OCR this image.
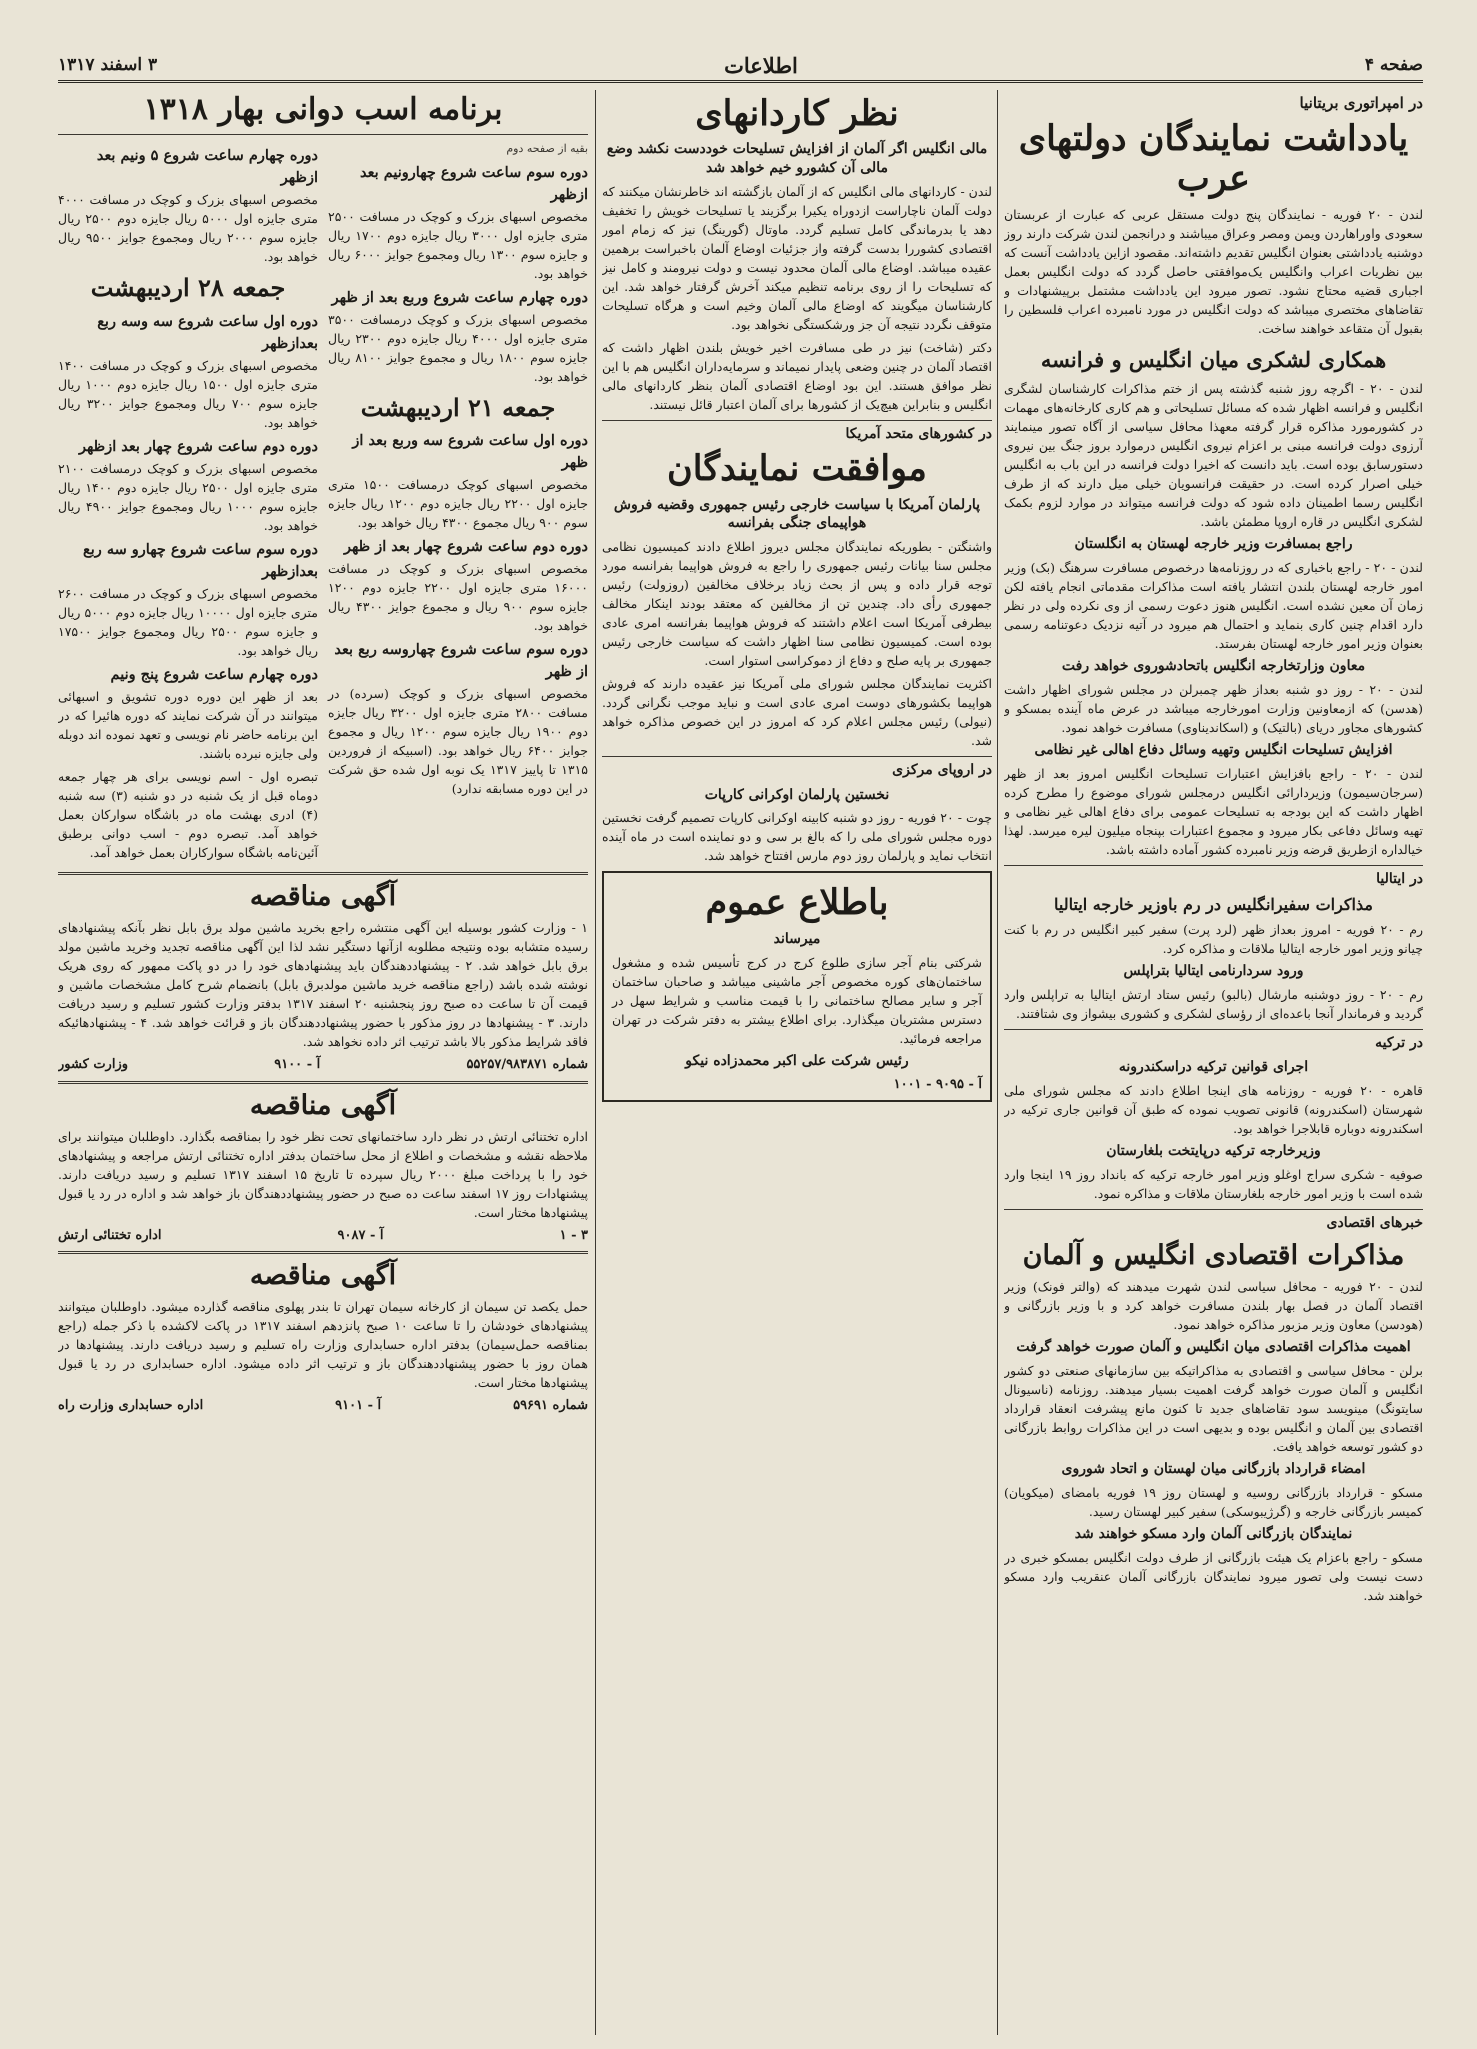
صفحه ۴
اطلاعات
۳ اسفند ۱۳۱۷
در امپراتوری بریتانیا
یادداشت نمایندگان دولتهای عرب

لندن - ۲۰ فوریه - نمایندگان پنج دولت مستقل عربی که عبارت از عربستان سعودی واوراهاردن ویمن ومصر وعراق میباشند و درانجمن لندن شرکت دارند روز دوشنبه یادداشتی بعنوان انگلیس تقدیم داشته‌اند. مقصود ازاین یادداشت آنست که بین نظریات اعراب وانگلیس یک‌موافقتی حاصل گردد که دولت انگلیس بعمل اجباری قضیه محتاج نشود. تصور میرود این یادداشت مشتمل برپیشنهادات و تقاضاهای مختصری میباشد که دولت انگلیس در مورد نامبرده اعراب فلسطین را بقبول آن متقاعد خواهند ساخت.

همکاری لشکری میان انگلیس و فرانسه

لندن - ۲۰ - اگرچه روز شنبه گذشته پس از ختم مذاکرات کارشناسان لشگری انگلیس و فرانسه اظهار شده که مسائل تسلیحاتی و هم کاری کارخانه‌های مهمات در کشورمورد مذاکره قرار گرفته معهذا محافل سیاسی از آگاه تصور مینمایند آرزوی دولت فرانسه مبنی بر اعزام نیروی انگلیس درموارد بروز جنگ بین نیروی دستورسابق بوده است. باید دانست که اخیرا دولت فرانسه در این باب به انگلیس خیلی اصرار کرده است. در حقیقت فرانسویان خیلی میل دارند که از طرف انگلیس رسما اطمینان داده شود که دولت فرانسه میتواند در موارد لزوم بکمک لشکری انگلیس در قاره اروپا مطمئن باشد.

راجع بمسافرت وزیر خارجه لهستان به انگلستان

لندن - ۲۰ - راجع باخباری که در روزنامه‌ها درخصوص مسافرت سرهنگ (بک) وزیر امور خارجه لهستان بلندن انتشار یافته است مذاکرات مقدماتی انجام یافته لکن زمان آن معین نشده است. انگلیس هنوز دعوت رسمی از وی نکرده ولی در نظر دارد اقدام چنین کاری بنماید و احتمال هم میرود در آتیه نزدیک دعوتنامه رسمی بعنوان وزیر امور خارجه لهستان بفرستد.

معاون وزارتخارجه انگلیس باتحادشوروی خواهد رفت

لندن - ۲۰ - روز دو شنبه بعداز ظهر چمبرلن در مجلس شورای اظهار داشت (هدسن) که ازمعاونین وزارت امورخارجه میباشد در عرض ماه آینده بمسکو و کشورهای مجاور دریای (بالتیک) و (اسکاندیناوی) مسافرت خواهد نمود.

افزایش تسلیحات انگلیس وتهیه وسائل دفاع اهالی غیر نظامی

لندن - ۲۰ - راجع بافزایش اعتبارات تسلیحات انگلیس امروز بعد از ظهر (سرجان‌سیمون) وزیردارائی انگلیس درمجلس شورای موضوع را مطرح کرده اظهار داشت که این بودجه به تسلیحات عمومی برای دفاع اهالی غیر نظامی و تهیه وسائل دفاعی بکار میرود و مجموع اعتبارات بپنجاه میلیون لیره میرسد. لهذا خیالداره ازطریق قرضه وزیر نامبرده کشور آماده داشته باشد.

در ایتالیا
مذاکرات سفیرانگلیس در رم باوزیر خارجه ایتالیا

رم - ۲۰ فوریه - امروز بعداز ظهر (لرد پرت) سفیر کبیر انگلیس در رم با کنت چیانو وزیر امور خارجه ایتالیا ملاقات و مذاکره کرد.

ورود سردارنامی ایتالیا بتراپلس

رم - ۲۰ - روز دوشنبه مارشال (بالبو) رئیس ستاد ارتش ایتالیا به تراپلس وارد گردید و فرماندار آنجا باعده‌ای از رؤسای لشکری و کشوری بیشواز وی شتافتند.

در ترکیه
اجرای قوانین ترکیه دراسکندرونه

قاهره - ۲۰ فوریه - روزنامه های اینجا اطلاع دادند که مجلس شورای ملی شهرستان (اسکندرونه) قانونی تصویب نموده که طبق آن قوانین جاری ترکیه در اسکندرونه دوباره قابلاجرا خواهد بود.

وزیرخارجه ترکیه درپایتخت بلغارستان

صوفیه - شکری سراج اوغلو وزیر امور خارجه ترکیه که بانداد روز ۱۹ اینجا وارد شده است با وزیر امور خارجه بلغارستان ملاقات و مذاکره نمود.

خبرهای اقتصادی
مذاکرات اقتصادی انگلیس و آلمان

لندن - ۲۰ فوریه - محافل سیاسی لندن شهرت میدهند که (والتر فونک) وزیر اقتصاد آلمان در فصل بهار بلندن مسافرت خواهد کرد و با وزیر بازرگانی و (هودسن) معاون وزیر مزبور مذاکره خواهد نمود.

اهمیت مذاکرات اقتصادی میان انگلیس و آلمان صورت خواهد گرفت

برلن - محافل سیاسی و اقتصادی به مذاکراتیکه بین سازمانهای صنعتی دو کشور انگلیس و آلمان صورت خواهد گرفت اهمیت بسیار میدهند. روزنامه (ناسیونال سایتونگ) مینویسد سود تقاضاهای جدید تا کنون مانع پیشرفت انعقاد قرارداد اقتصادی بین آلمان و انگلیس بوده و بدیهی است در این مذاکرات روابط بازرگانی دو کشور توسعه خواهد یافت.

امضاء قرارداد بازرگانی میان لهستان و اتحاد شوروی

مسکو - قرارداد بازرگانی روسیه و لهستان روز ۱۹ فوریه بامضای (میکویان) کمیسر بازرگانی خارجه و (گرژیبوسکی) سفیر کبیر لهستان رسید.

نمایندگان بازرگانی آلمان وارد مسکو خواهند شد

مسکو - راجع باعزام یک هیئت بازرگانی از طرف دولت انگلیس بمسکو خبری در دست نیست ولی تصور میرود نمایندگان بازرگانی آلمان عنقریب وارد مسکو خواهند شد.

نظر کاردانهای
مالی انگلیس اگر آلمان از افزایش تسلیحات خوددست نکشد وضع مالی آن کشورو خیم خواهد شد

لندن - کاردانهای مالی انگلیس که از آلمان بازگشته اند خاطرنشان میکنند که دولت آلمان ناچاراست ازدوراه یکیرا برگزیند یا تسلیحات خویش را تخفیف دهد یا بدرماندگی کامل تسلیم گردد. ماوتال (گورینگ) نیز که زمام امور اقتصادی کشوررا بدست گرفته واز جزئیات اوضاع آلمان باخبراست برهمین عقیده میباشد. اوضاع مالی آلمان محدود نیست و دولت نیرومند و کامل نیز که تسلیحات را از روی برنامه تنظیم میکند آخرش گرفتار خواهد شد. این کارشناسان میگویند که اوضاع مالی آلمان وخیم است و هرگاه تسلیحات متوقف نگردد نتیجه آن جز ورشکستگی نخواهد بود.

دکتر (شاخت) نیز در طی مسافرت اخیر خویش بلندن اظهار داشت که اقتصاد آلمان در چنین وضعی پایدار نمیماند و سرمایه‌داران انگلیس هم با این نظر موافق هستند. این بود اوضاع اقتصادی آلمان بنظر کاردانهای مالی انگلیس و بنابراین هیچ‌یک از کشورها برای آلمان اعتبار قائل نیستند.

در کشورهای متحد آمریکا
موافقت نمایندگان
پارلمان آمریکا با سیاست خارجی رئیس جمهوری وقضیه فروش هواپیمای جنگی بفرانسه

واشنگتن - بطوریکه نمایندگان مجلس دیروز اطلاع دادند کمیسیون نظامی مجلس سنا بیانات رئیس جمهوری را راجع به فروش هواپیما بفرانسه مورد توجه قرار داده و پس از بحث زیاد برخلاف مخالفین (روزولت) رئیس جمهوری رأی داد. چندین تن از مخالفین که معتقد بودند اینکار مخالف بیطرفی آمریکا است اعلام داشتند که فروش هواپیما بفرانسه امری عادی بوده است. کمیسیون نظامی سنا اظهار داشت که سیاست خارجی رئیس جمهوری بر پایه صلح و دفاع از دموکراسی استوار است.

اکثریت نمایندگان مجلس شورای ملی آمریکا نیز عقیده دارند که فروش هواپیما بکشورهای دوست امری عادی است و نباید موجب نگرانی گردد. (نیولی) رئیس مجلس اعلام کرد که امروز در این خصوص مذاکره خواهد شد.

در اروپای مرکزی
نخستین پارلمان اوکرانی کارپات

چوت - ۲۰ فوریه - روز دو شنبه کابینه اوکرانی کارپات تصمیم گرفت نخستین دوره مجلس شورای ملی را که بالغ بر سی و دو نماینده است در ماه آینده انتخاب نماید و پارلمان روز دوم مارس افتتاح خواهد شد.

باطلاع عموم
میرساند

شرکتی بنام آجر سازی طلوع کرج در کرج تأسیس شده و مشغول ساختمان‌های کوره مخصوص آجر ماشینی میباشد و صاحبان ساختمان آجر و سایر مصالح ساختمانی را با قیمت مناسب و شرایط سهل در دسترس مشتریان میگذارد. برای اطلاع بیشتر به دفتر شرکت در تهران مراجعه فرمائید.

رئیس شرکت علی اکبر محمدزاده نیکو
آ - ۹۰۹۵ - ۱۰۰۱
برنامه اسب دوانی بهار ۱۳۱۸
بقیه از صفحه دوم
دوره سوم ساعت شروع چهارونیم بعد ازظهر

مخصوص اسبهای بزرک و کوچک در مسافت ۲۵۰۰ متری جایزه اول ۳۰۰۰ ریال جایزه دوم ۱۷۰۰ ریال و جایزه سوم ۱۳۰۰ ریال ومجموع جوایز ۶۰۰۰ ریال خواهد بود.

دوره چهارم ساعت شروع وربع بعد از ظهر

مخصوص اسبهای بزرک و کوچک درمسافت ۳۵۰۰ متری جایزه اول ۴۰۰۰ ریال جایزه دوم ۲۳۰۰ ریال جایزه سوم ۱۸۰۰ ریال و مجموع جوایز ۸۱۰۰ ریال خواهد بود.

جمعه ۲۱ اردیبهشت
دوره اول ساعت شروع سه وربع بعد از ظهر

مخصوص اسبهای کوچک درمسافت ۱۵۰۰ متری جایزه اول ۲۲۰۰ ریال جایزه دوم ۱۲۰۰ ریال جایزه سوم ۹۰۰ ریال مجموع ۴۳۰۰ ریال خواهد بود.

دوره دوم ساعت شروع چهار بعد از ظهر

مخصوص اسبهای بزرک و کوچک در مسافت ۱۶۰۰۰ متری جایزه اول ۲۲۰۰ جایزه دوم ۱۲۰۰ جایزه سوم ۹۰۰ ریال و مجموع جوایز ۴۳۰۰ ریال خواهد بود.

دوره سوم ساعت شروع چهاروسه ربع بعد از ظهر

مخصوص اسبهای بزرک و کوچک (سرده) در مسافت ۲۸۰۰ متری جایزه اول ۳۲۰۰ ریال جایزه دوم ۱۹۰۰ ریال جایزه سوم ۱۲۰۰ ریال و مجموع جوایز ۶۴۰۰ ریال خواهد بود. (اسبیکه از فروردین ۱۳۱۵ تا پاییز ۱۳۱۷ یک نوبه اول شده حق شرکت در این دوره مسابقه ندارد)

دوره چهارم ساعت شروع ۵ ونیم بعد ازظهر

مخصوص اسبهای بزرک و کوچک در مسافت ۴۰۰۰ متری جایزه اول ۵۰۰۰ ریال جایزه دوم ۲۵۰۰ ریال جایزه سوم ۲۰۰۰ ریال ومجموع جوایز ۹۵۰۰ ریال خواهد بود.

جمعه ۲۸ اردیبهشت
دوره اول ساعت شروع سه وسه ربع بعدازظهر

مخصوص اسبهای بزرک و کوچک در مسافت ۱۴۰۰ متری جایزه اول ۱۵۰۰ ریال جایزه دوم ۱۰۰۰ ریال جایزه سوم ۷۰۰ ریال ومجموع جوایز ۳۲۰۰ ریال خواهد بود.

دوره دوم ساعت شروع چهار بعد ازظهر

مخصوص اسبهای بزرک و کوچک درمسافت ۲۱۰۰ متری جایزه اول ۲۵۰۰ ریال جایزه دوم ۱۴۰۰ ریال جایزه سوم ۱۰۰۰ ریال ومجموع جوایز ۴۹۰۰ ریال خواهد بود.

دوره سوم ساعت شروع چهارو سه ربع بعدازظهر

مخصوص اسبهای بزرک و کوچک در مسافت ۲۶۰۰ متری جایزه اول ۱۰۰۰۰ ریال جایزه دوم ۵۰۰۰ ریال و جایزه سوم ۲۵۰۰ ریال ومجموع جوایز ۱۷۵۰۰ ریال خواهد بود.

دوره چهارم ساعت شروع پنج ونیم

بعد از ظهر این دوره دوره تشویق و اسبهائی میتوانند در آن شرکت نمایند که دوره هائیرا که در این برنامه حاضر نام نویسی و تعهد نموده اند دوبله ولی جایزه نبرده باشند.

تبصره اول - اسم نویسی برای هر چهار جمعه دوماه قبل از یک شنبه در دو شنبه (۳) سه شنبه (۴) ادری بهشت ماه در باشگاه سوارکان بعمل خواهد آمد. تبصره دوم - اسب دوانی برطبق آئین‌نامه باشگاه سوارکاران بعمل خواهد آمد.

آگهی مناقصه

۱ - وزارت کشور بوسیله این آگهی منتشره راجع بخرید ماشین مولد برق بابل نظر بآنکه پیشنهادهای رسیده متشابه بوده ونتیجه مطلوبه ازآنها دستگیر نشد لذا این آگهی مناقصه تجدید وخرید ماشین مولد برق بابل خواهد شد. ۲ - پیشنهاددهندگان باید پیشنهادهای خود را در دو پاکت ممهور که روی هریک نوشته شده باشد (راجع مناقصه خرید ماشین مولدبرق بابل) بانضمام شرح کامل مشخصات ماشین و قیمت آن تا ساعت ده صبح روز پنجشنبه ۲۰ اسفند ۱۳۱۷ بدفتر وزارت کشور تسلیم و رسید دریافت دارند. ۳ - پیشنهادها در روز مذکور با حضور پیشنهاددهندگان باز و قرائت خواهد شد. ۴ - پیشنهادهائیکه فاقد شرایط مذکور بالا باشد ترتیب اثر داده نخواهد شد.

شماره ۵۵۲۵۷/۹۸۳۸۷۱
آ - ۹۱۰۰
وزارت کشور
آگهی مناقصه

اداره تختنائی ارتش در نظر دارد ساختمانهای تحت نظر خود را بمناقصه بگذارد. داوطلبان میتوانند برای ملاحظه نقشه و مشخصات و اطلاع از محل ساختمان بدفتر اداره تختنائی ارتش مراجعه و پیشنهادهای خود را با پرداخت مبلغ ۲۰۰۰ ریال سپرده تا تاریخ ۱۵ اسفند ۱۳۱۷ تسلیم و رسید دریافت دارند. پیشنهادات روز ۱۷ اسفند ساعت ده صبح در حضور پیشنهاددهندگان باز خواهد شد و اداره در رد یا قبول پیشنهادها مختار است.

۳ - ۱
آ - ۹۰۸۷
اداره تختنائی ارتش
آگهی مناقصه

حمل یکصد تن سیمان از کارخانه سیمان تهران تا بندر پهلوی مناقصه گذارده میشود. داوطلبان میتوانند پیشنهادهای خودشان را تا ساعت ۱۰ صبح پانزدهم اسفند ۱۳۱۷ در پاکت لاکشده با ذکر جمله (راجع بمناقصه حمل‌سیمان) بدفتر اداره حسابداری وزارت راه تسلیم و رسید دریافت دارند. پیشنهادها در همان روز با حضور پیشنهاددهندگان باز و ترتیب اثر داده میشود. اداره حسابداری در رد یا قبول پیشنهادها مختار است.

شماره ۵۹۶۹۱
آ - ۹۱۰۱
اداره حسابداری وزارت راه
